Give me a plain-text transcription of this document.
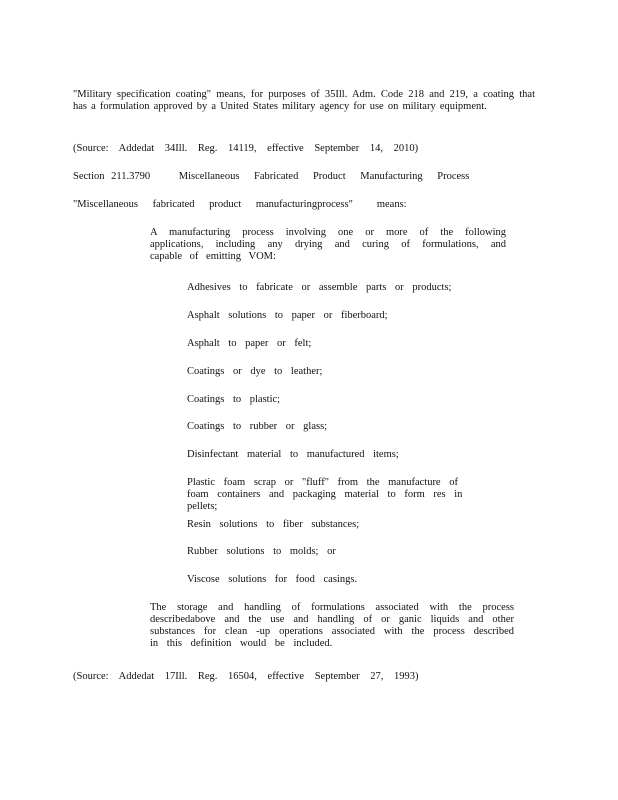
"Military specification coating" means, for purposes of 35Ill. Adm. Code 218 and 219, a coating that has a formulation approved by a United States military agency for use on military equipment.

(Source: Addedat 34Ill. Reg. 14119, effective September 14, 2010)

Section 211.3790	Miscellaneous Fabricated Product Manufacturing Process

"Miscellaneous fabricated product manufacturingprocess" means:

A manufacturing process involving one or more of the following applications, including any drying and curing of formulations, and capable of emitting VOM:

Adhesives to fabricate or assemble parts or products;

Asphalt solutions to paper or fiberboard;

Asphalt to paper or felt;

Coatings or dye to leather;

Coatings to plastic;

Coatings to rubber or glass;

Disinfectant material to manufactured items;

Plastic foam scrap or "fluff" from the manufacture of foam containers and packaging material to form res in pellets;

Resin solutions to fiber substances;

Rubber solutions to molds; or

Viscose solutions for food casings.

The storage and handling of formulations associated with the process describedabove and the use and handling of or ganic liquids and other substances for clean -up operations associated with the process described in this definition would be included.

(Source: Addedat 17Ill. Reg. 16504, effective September 27, 1993)
